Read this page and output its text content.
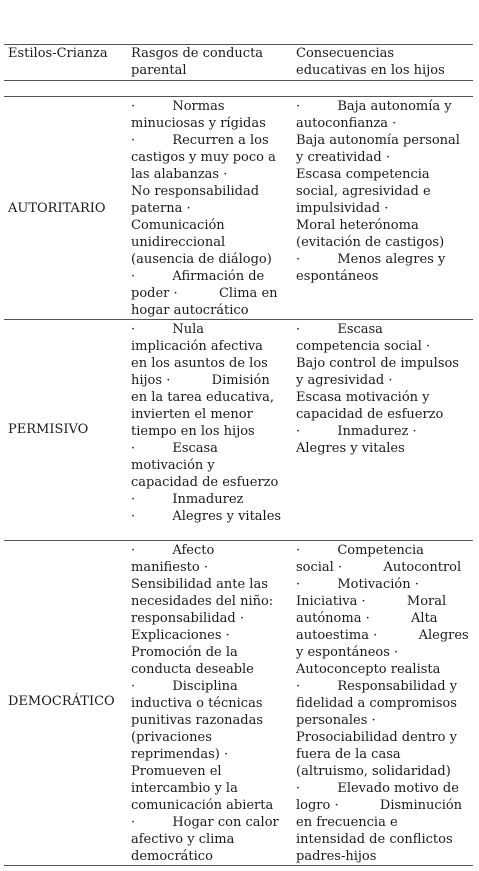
Estilos-Crianza Rasgos de conducta parental
Consecuencias educativas en los hijos
AUTORITARIO
·         Normas
minuciosas y rígidas
·         Recurren a los
castigos y muy poco a
las alabanzas ·
No responsabilidad
paterna ·
Comunicación
unidireccional
(ausencia de diálogo)
·         Afirmación de
poder ·          Clima en
hogar autocrático
·         Baja autonomía y
autoconfianza ·
Baja autonomía personal
y creatividad ·
Escasa competencia
social, agresividad e
impulsividad ·
Moral heterónoma
(evitación de castigos)
·         Menos alegres y
espontáneos
PERMISIVO
·         Nula
implicación afectiva
en los asuntos de los
hijos ·          Dimisión
en la tarea educativa,
invierten el menor
tiempo en los hijos
·         Escasa
motivación y
capacidad de esfuerzo
·         Inmadurez
·         Alegres y vitales
·         Escasa
competencia social ·
Bajo control de impulsos
y agresividad ·
Escasa motivación y
capacidad de esfuerzo
·         Inmadurez ·
Alegres y vitales
DEMOCRÁTICO
·         Afecto
manifiesto ·
Sensibilidad ante las
necesidades del niño:
responsabilidad ·
Explicaciones ·
Promoción de la
conducta deseable
·         Disciplina
inductiva o técnicas
punitivas razonadas
(privaciones
reprimendas) ·
Promueven el
intercambio y la
comunicación abierta
·         Hogar con calor
afectivo y clima
democrático
·         Competencia
social ·          Autocontrol
·         Motivación ·
Iniciativa ·          Moral
autónoma ·          Alta
autoestima ·          Alegres
y espontáneos ·
Autoconcepto realista
·         Responsabilidad y
fidelidad a compromisos
personales ·
Prosociabilidad dentro y
fuera de la casa
(altruismo, solidaridad)
·         Elevado motivo de
logro ·          Disminución
en frecuencia e
intensidad de conflictos
padres-hijos
